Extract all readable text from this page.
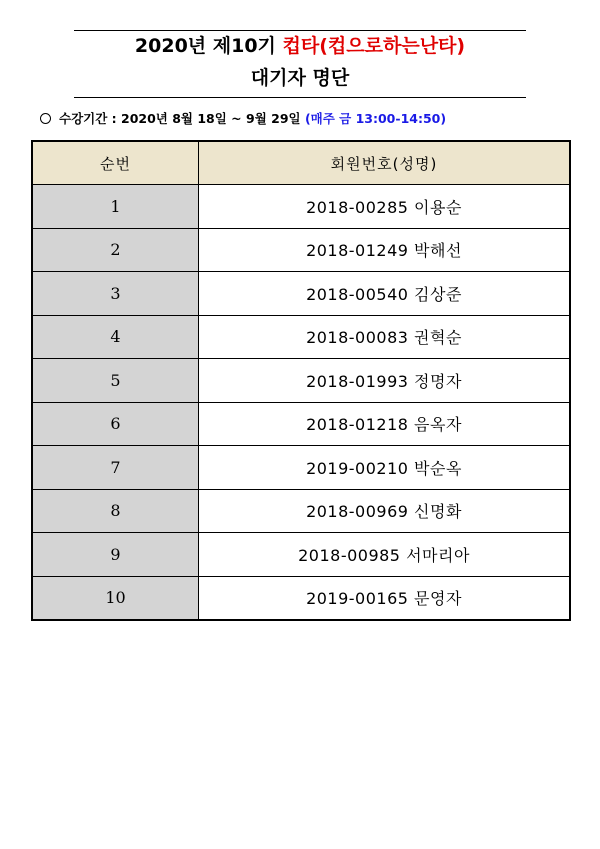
2020년 제10기 컵타(컵으로하는난타)
대기자 명단
수강기간 : 2020년 8월 18일 ~ 9월 29일 (매주 금 13:00-14:50)
순번	회원번호(성명)
1	2018-00285 이용순
2	2018-01249 박해선
3	2018-00540 김상준
4	2018-00083 권혁순
5	2018-01993 정명자
6	2018-01218 음옥자
7	2019-00210 박순옥
8	2018-00969 신명화
9	2018-00985 서마리아
10	2019-00165 문영자
